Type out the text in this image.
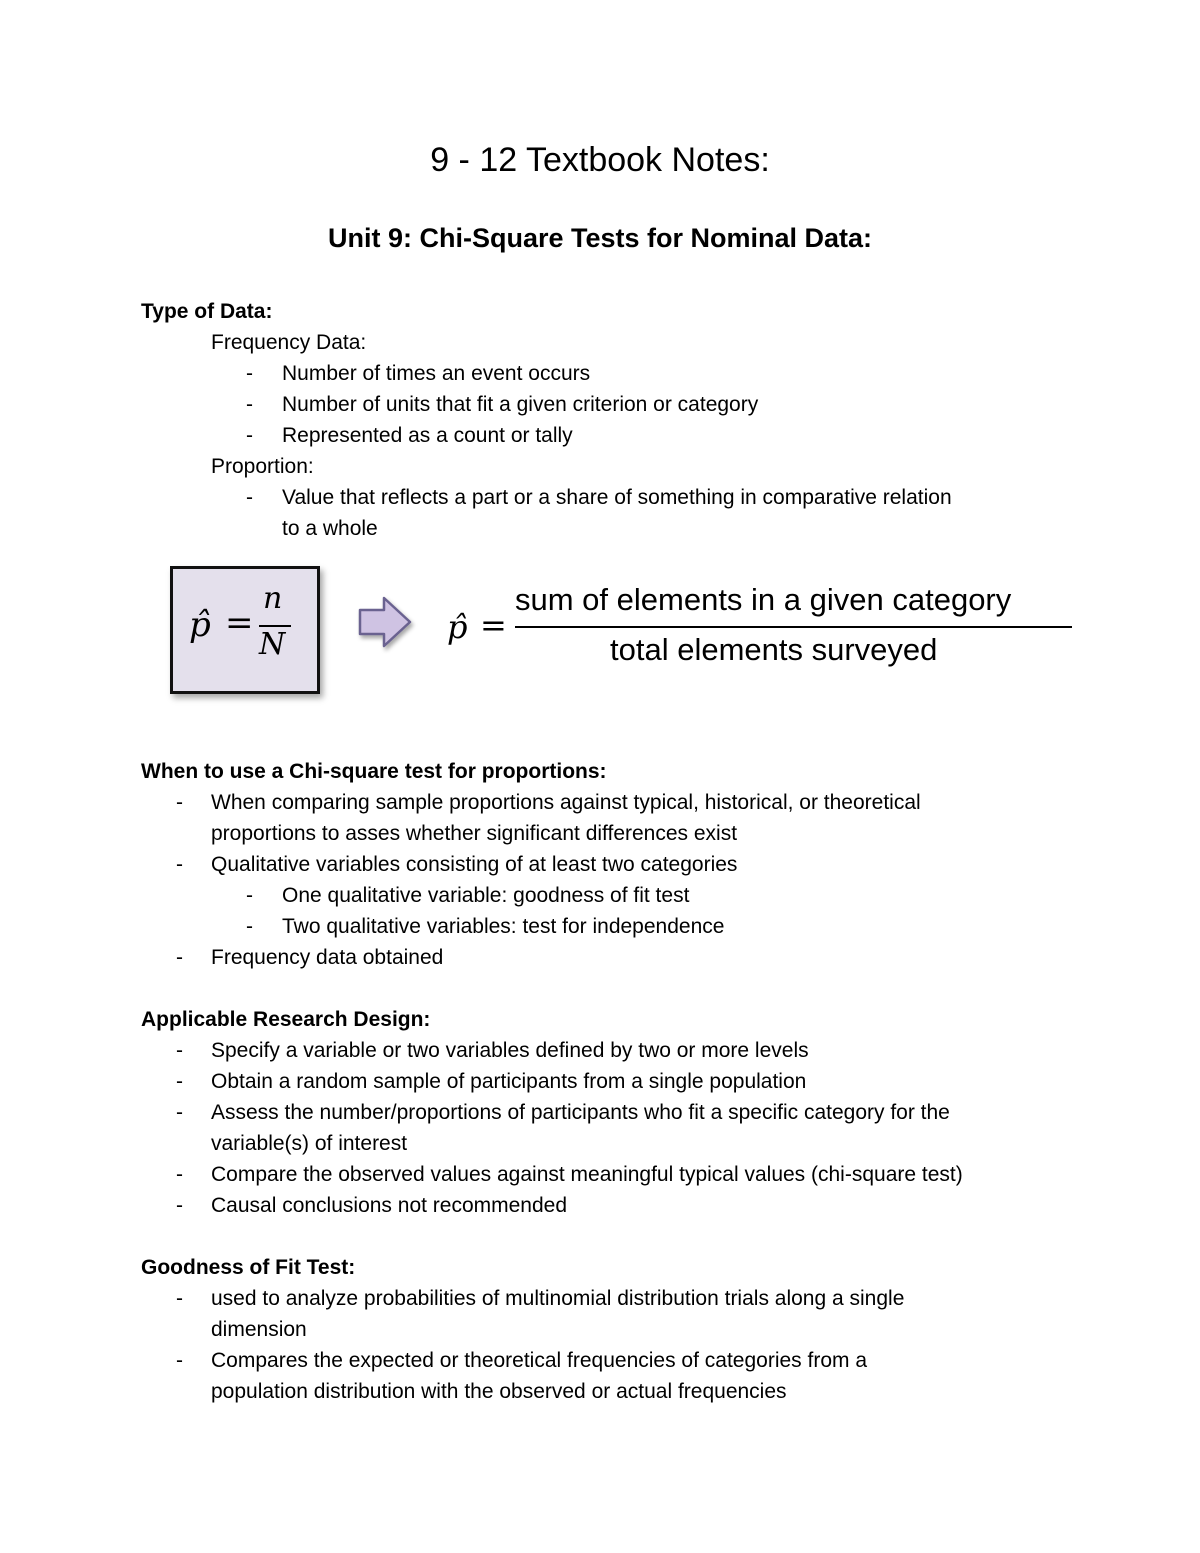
9 - 12 Textbook Notes:
Unit 9: Chi-Square Tests for Nominal Data:
Type of Data:
Frequency Data:
- Number of times an event occurs
- Number of units that fit a given criterion or category
- Represented as a count or tally
Proportion:
- Value that reflects a part or a share of something in comparative relation
to a whole
p̂ =
n
N	p̂ =
sum of elements in a given category
total elements surveyed
When to use a Chi-square test for proportions:
- When comparing sample proportions against typical, historical, or theoretical
proportions to asses whether significant differences exist
- Qualitative variables consisting of at least two categories
- One qualitative variable: goodness of fit test
- Two qualitative variables: test for independence
- Frequency data obtained
Applicable Research Design:
- Specify a variable or two variables defined by two or more levels
- Obtain a random sample of participants from a single population
- Assess the number/proportions of participants who fit a specific category for the
variable(s) of interest
- Compare the observed values against meaningful typical values (chi-square test)
- Causal conclusions not recommended
Goodness of Fit Test:
- used to analyze probabilities of multinomial distribution trials along a single
dimension
- Compares the expected or theoretical frequencies of categories from a
population distribution with the observed or actual frequencies
